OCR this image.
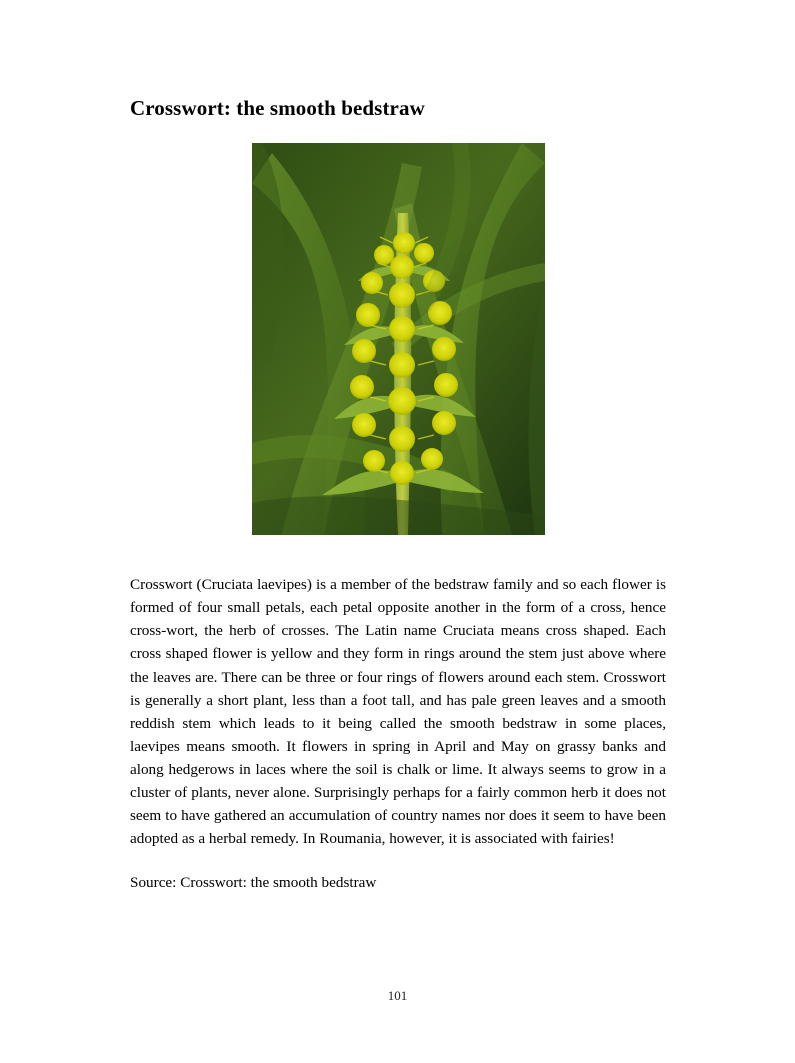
Crosswort: the smooth bedstraw

Crosswort (Cruciata laevipes) is a member of the bedstraw family and so each flower is formed of four small petals, each petal opposite another in the form of a cross, hence cross-wort, the herb of crosses. The Latin name Cruciata means cross shaped. Each cross shaped flower is yellow and they form in rings around the stem just above where the leaves are. There can be three or four rings of flowers around each stem. Crosswort is generally a short plant, less than a foot tall, and has pale green leaves and a smooth reddish stem which leads to it being called the smooth bedstraw in some places, laevipes means smooth. It flowers in spring in April and May on grassy banks and along hedgerows in laces where the soil is chalk or lime. It always seems to grow in a cluster of plants, never alone. Surprisingly perhaps for a fairly common herb it does not seem to have gathered an accumulation of country names nor does it seem to have been adopted as a herbal remedy. In Roumania, however, it is associated with fairies!

Source: Crosswort: the smooth bedstraw

101
